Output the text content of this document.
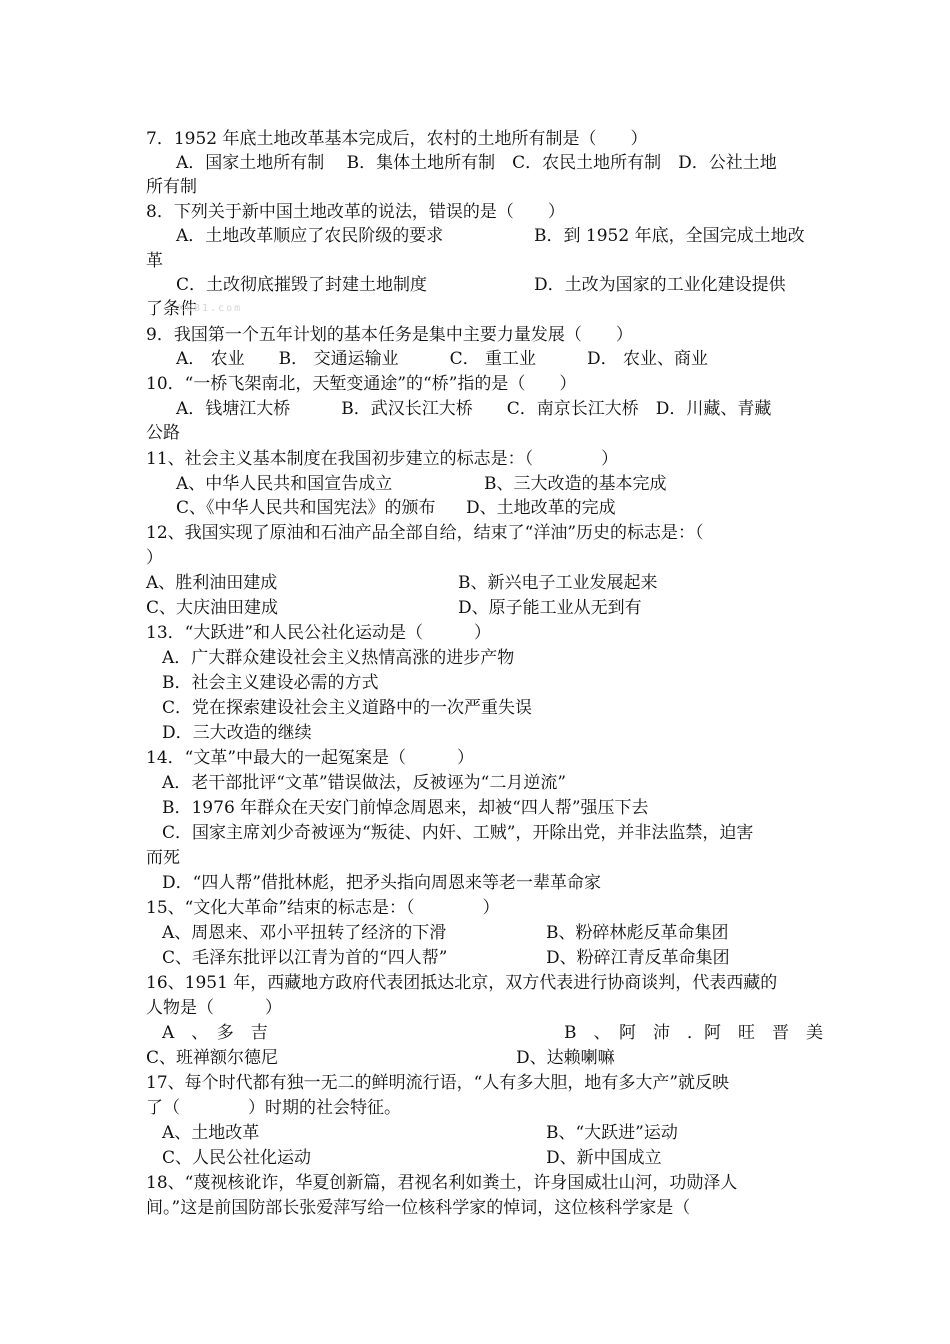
7．1952 年底土地改革基本完成后，农村的土地所有制是（　　）
A．国家土地所有制　 B．集体土地所有制　C．农民土地所有制　D．公社土地
所有制
8．下列关于新中国土地改革的说法，错误的是（　　）
A．土地改革顺应了农民阶级的要求	B．到 1952 年底，全国完成土地改
革
C．土改彻底摧毁了封建土地制度	D．土改为国家的工业化建设提供
了条件
XkB1.com
9．我国第一个五年计划的基本任务是集中主要力量发展（　　）
A． 农业　　B． 交通运输业　　　C． 重工业　　　D． 农业、商业
10．“一桥飞架南北，天堑变通途”的“桥”指的是（　　）
A．钱塘江大桥　　　B．武汉长江大桥　　C．南京长江大桥　D．川藏、青藏
公路
11、社会主义基本制度在我国初步建立的标志是：（　　　　）
A、中华人民共和国宣告成立	B、三大改造的基本完成
C、《中华人民共和国宪法》的颁布 D、土地改革的完成
12、我国实现了原油和石油产品全部自给，结束了“洋油”历史的标志是：（
）
A、胜利油田建成	B、新兴电子工业发展起来
C、大庆油田建成	D、原子能工业从无到有
13．“大跃进”和人民公社化运动是（　　　）
A．广大群众建设社会主义热情高涨的进步产物
B．社会主义建设必需的方式
C．党在探索建设社会主义道路中的一次严重失误
D．三大改造的继续
14．“文革”中最大的一起冤案是（　　　）
A．老干部批评“文革”错误做法，反被诬为“二月逆流”
B．1976 年群众在天安门前悼念周恩来，却被“四人帮”强压下去
C．国家主席刘少奇被诬为“叛徒、内奸、工贼”，开除出党，并非法监禁，迫害
而死
D．“四人帮”借批林彪，把矛头指向周恩来等老一辈革命家
15、“文化大革命”结束的标志是：（　　　　）
A、周恩来、邓小平扭转了经济的下滑	B、粉碎林彪反革命集团
C、毛泽东批评以江青为首的“四人帮”	D、粉碎江青反革命集团
16、1951 年，西藏地方政府代表团抵达北京，双方代表进行协商谈判，代表西藏的
人物是（　　　）
A　、　多　吉	B　、　阿　沛　．阿　旺　晋　美
C、班禅额尔德尼	D、达赖喇嘛
17、每个时代都有独一无二的鲜明流行语，“人有多大胆，地有多大产”就反映
了（　　　　）时期的社会特征。
A、土地改革	B、“大跃进”运动
C、人民公社化运动	D、新中国成立
18、“蔑视核讹诈，华夏创新篇，君视名利如粪土，许身国威壮山河，功勋泽人
间。”这是前国防部长张爱萍写给一位核科学家的悼词，这位核科学家是（
